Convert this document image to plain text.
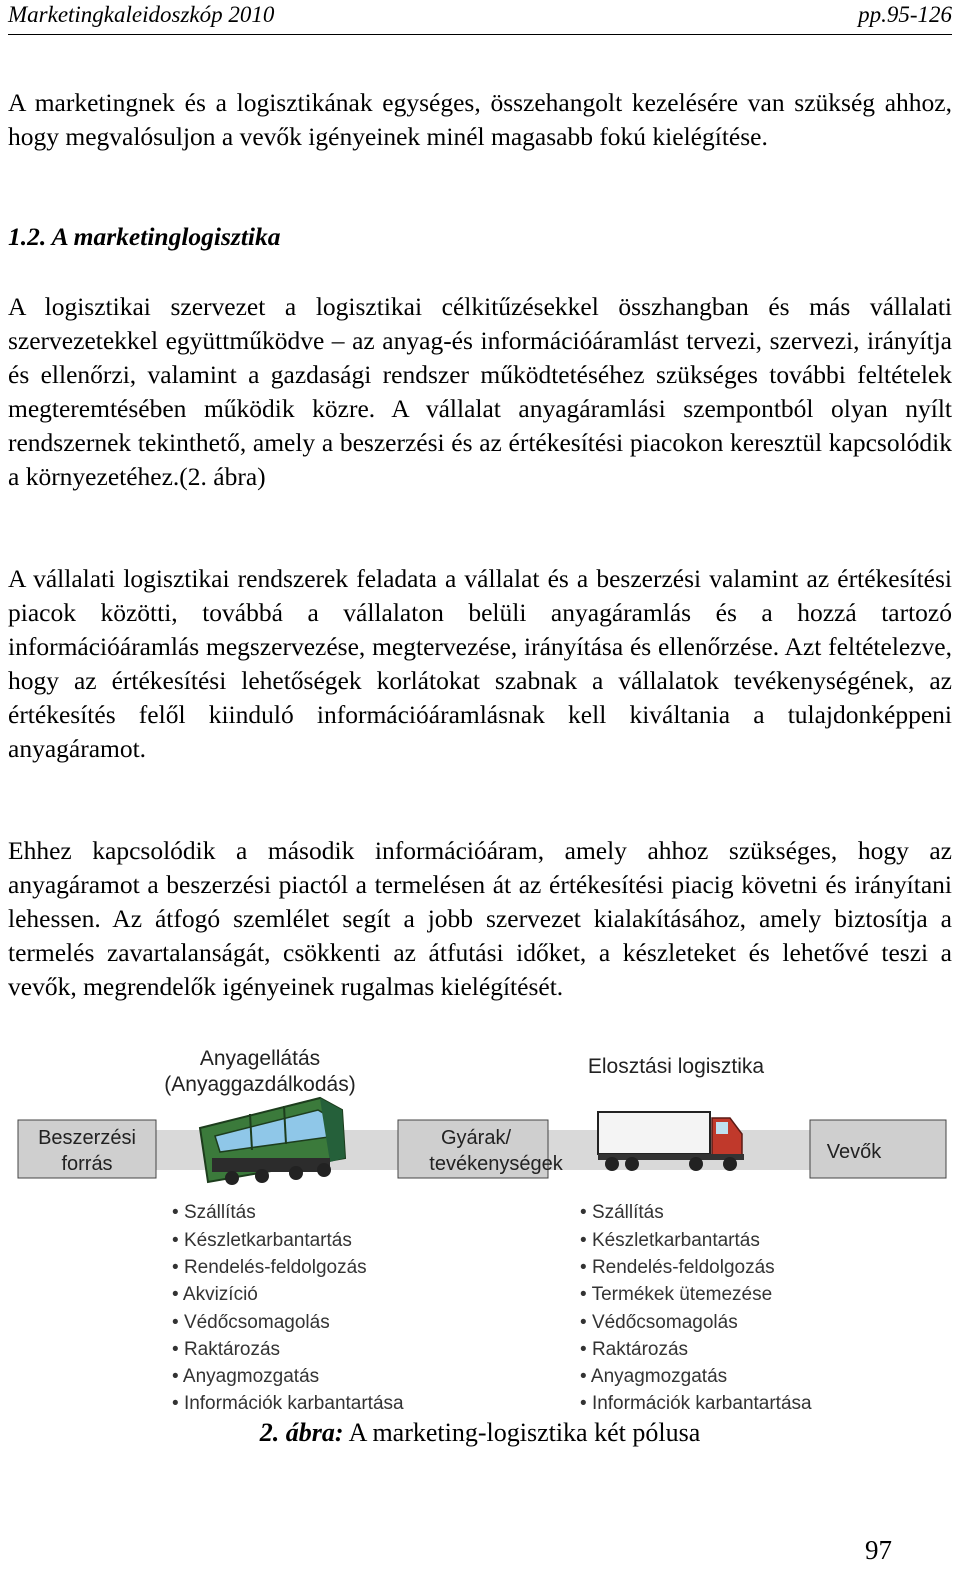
Marketingkaleidoszkóp 2010	pp.95-126

A marketingnek és a logisztikának egységes, összehangolt kezelésére van szükség ahhoz, hogy megvalósuljon a vevők igényeinek minél magasabb fokú kielégítése.

1.2. A marketinglogisztika

A logisztikai szervezet a logisztikai célkitűzésekkel összhangban és más vállalati szervezetekkel együttműködve – az anyag-és információáramlást tervezi, szervezi, irányítja és ellenőrzi, valamint a gazdasági rendszer működtetéséhez szükséges további feltételek megteremtésében működik közre. A vállalat anyagáramlási szempontból olyan nyílt rendszernek tekinthető, amely a beszerzési és az értékesítési piacokon keresztül kapcsolódik a környezetéhez.(2. ábra)

A vállalati logisztikai rendszerek feladata a vállalat és a beszerzési valamint az értékesítési piacok közötti, továbbá a vállalaton belüli anyagáramlás és a hozzá tartozó információáramlás megszervezése, megtervezése, irányítása és ellenőrzése. Azt feltételezve, hogy az értékesítési lehetőségek korlátokat szabnak a vállalatok tevékenységének, az értékesítés felől kiinduló információáramlásnak kell kiváltania a tulajdonképpeni anyagáramot.

Ehhez kapcsolódik a második információáram, amely ahhoz szükséges, hogy az anyagáramot a beszerzési piactól a termelésen át az értékesítési piacig követni és irányítani lehessen. Az átfogó szemlélet segít a jobb szervezet kialakításához, amely biztosítja a termelés zavartalanságát, csökkenti az átfutási időket, a készleteket és lehetővé teszi a vevők, megrendelők igényeinek rugalmas kielégítését.

Anyagellátás
(Anyaggazdálkodás)
Elosztási logisztika
Beszerzési
forrás
Gyárak/
tevékenységek
Vevők
• Szállítás
• Készletkarbantartás
• Rendelés-feldolgozás
• Akvizíció
• Védőcsomagolás
• Raktározás
• Anyagmozgatás
• Információk karbantartása
• Szállítás
• Készletkarbantartás
• Rendelés-feldolgozás
• Termékek ütemezése
• Védőcsomagolás
• Raktározás
• Anyagmozgatás
• Információk karbantartása
2. ábra: A marketing-logisztika két pólusa
97
